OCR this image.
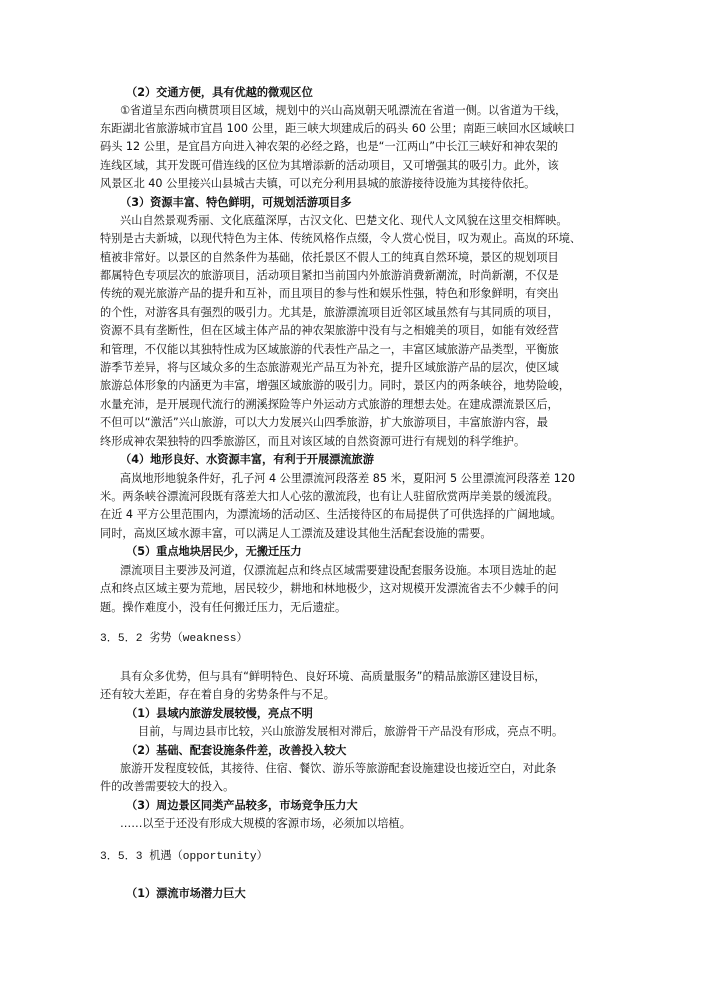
（2）交通方便，具有优越的微观区位
①省道呈东西向横贯项目区域，规划中的兴山高岚朝天吼漂流在省道一侧。以省道为干线，
东距湖北省旅游城市宜昌 100 公里，距三峡大坝建成后的码头 60 公里；南距三峡回水区域峡口
码头 12 公里，是宜昌方向进入神农架的必经之路，也是“一江两山”中长江三峡好和神农架的
连线区域，其开发既可借连线的区位为其增添新的活动项目，又可增强其的吸引力。此外，该
风景区北 40 公里接兴山县城古夫镇，可以充分利用县城的旅游接待设施为其接待依托。
（3）资源丰富、特色鲜明，可规划活游项目多
兴山自然景观秀丽、文化底蕴深厚，古汉文化、巴楚文化、现代人文风貌在这里交相辉映。
特别是古夫新城，以现代特色为主体、传统风格作点缀，令人赏心悦目，叹为观止。高岚的环境、
植被非常好。以景区的自然条件为基础，依托景区不假人工的纯真自然环境，景区的规划项目
都属特色专项层次的旅游项目，活动项目紧扣当前国内外旅游消费新潮流，时尚新潮，不仅是
传统的观光旅游产品的提升和互补，而且项目的参与性和娱乐性强，特色和形象鲜明，有突出
的个性，对游客具有强烈的吸引力。尤其是，旅游漂流项目近邻区域虽然有与其同质的项目，
资源不具有垄断性，但在区域主体产品的神农架旅游中没有与之相媲美的项目，如能有效经营
和管理，不仅能以其独特性成为区域旅游的代表性产品之一，丰富区域旅游产品类型，平衡旅
游季节差异，将与区域众多的生态旅游观光产品互为补充，提升区域旅游产品的层次，使区域
旅游总体形象的内涵更为丰富，增强区域旅游的吸引力。同时，景区内的两条峡谷，地势险峻，
水量充沛，是开展现代流行的溯溪探险等户外运动方式旅游的理想去处。在建成漂流景区后，
不但可以“激活”兴山旅游，可以大力发展兴山四季旅游，扩大旅游项目，丰富旅游内容，最
终形成神农架独特的四季旅游区，而且对该区域的自然资源可进行有规划的科学维护。
（4）地形良好、水资源丰富，有利于开展漂流旅游
高岚地形地貌条件好，孔子河 4 公里漂流河段落差 85 米，夏阳河 5 公里漂流河段落差 120
米。两条峡谷漂流河段既有落差大扣人心弦的激流段，也有让人驻留欣赏两岸美景的缓流段。
在近 4 平方公里范围内，为漂流场的活动区、生活接待区的布局提供了可供选择的广阔地域。
同时，高岚区域水源丰富，可以满足人工漂流及建设其他生活配套设施的需要。
（5）重点地块居民少，无搬迁压力
漂流项目主要涉及河道，仅漂流起点和终点区域需要建设配套服务设施。本项目选址的起
点和终点区域主要为荒地，居民较少，耕地和林地极少，这对规模开发漂流省去不少棘手的问
题。操作难度小，没有任何搬迁压力，无后遗症。
3．5．2 劣势（weakness）
具有众多优势，但与具有“鲜明特色、良好环境、高质量服务”的精品旅游区建设目标，
还有较大差距，存在着自身的劣势条件与不足。
（1）县域内旅游发展较慢，亮点不明
目前，与周边县市比较，兴山旅游发展相对滞后，旅游骨干产品没有形成，亮点不明。
（2）基础、配套设施条件差，改善投入较大
旅游开发程度较低，其接待、住宿、餐饮、游乐等旅游配套设施建设也接近空白，对此条
件的改善需要较大的投入。
（3）周边景区同类产品较多，市场竞争压力大
……以至于还没有形成大规模的客源市场，必须加以培植。
3．5．3 机遇（opportunity）
（1）漂流市场潜力巨大
